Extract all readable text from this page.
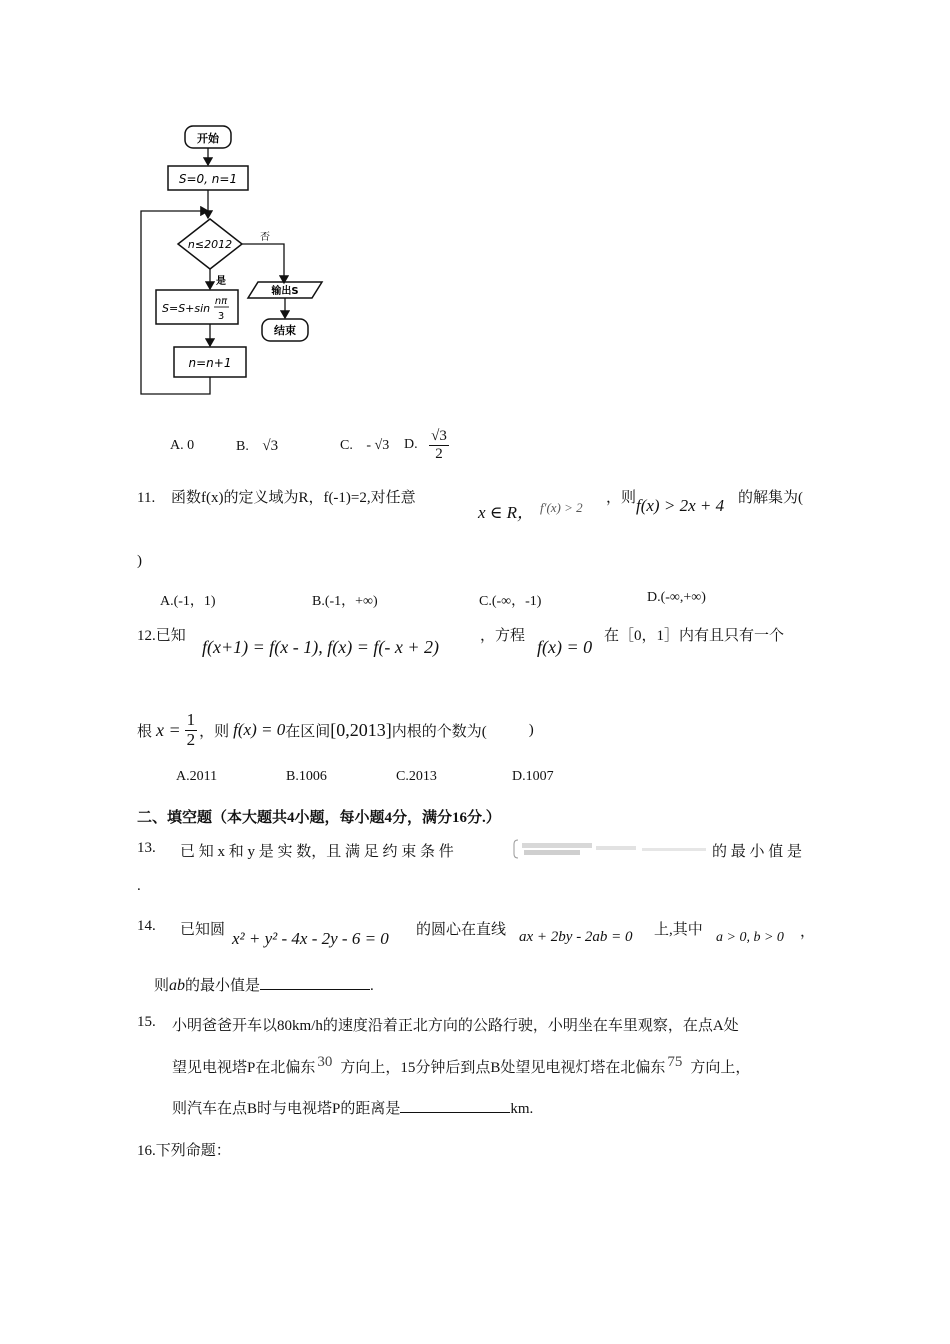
开始
S=0, n=1
n≤2012
否
输出S
结束
是
S=S+sin
nπ
3
n=n+1
A. 0	B. √3	C. - √3 D. $\frac{√3}{2}$
11. 函数f(x)的定义域为R，f(-1)=2,对任意
x ∈ R， f′(x) > 2
，则 f(x) > 2x + 4 的解集为(
)
A.(-1，1)	B.(-1，+∞)	C.(-∞，-1)	D.(-∞,+∞)
12.已知
f(x+1) = f(x - 1), f(x) = f(- x + 2)
，方程
f(x) = 0
在［0，1］内有且只有一个
根 $x = \frac{1}{2}$ ，则 f(x) = 0 在区间 [0,2013] 内根的个数为(	)
A.2011	B.1006	C.2013	D.1007
二、填空题（本大题共4小题，每小题4分，满分16分.）
13. 已 知 x 和 y 是 实 数，且 满 足 约 束 条 件	的 最 小 值 是
.
14. 已知圆 x² + y² - 4x - 2y - 6 = 0 的圆心在直线 ax + 2by - 2ab = 0 上,其中 a > 0, b > 0 ，
则ab的最小值是	.
15. 小明爸爸开车以80km/h的速度沿着正北方向的公路行驶，小明坐在车里观察，在点A处
望见电视塔P在北偏东 30 方向上，15分钟后到点B处望见电视灯塔在北偏东 75 方向上，
则汽车在点B时与电视塔P的距离是	km.
16.下列命题：
